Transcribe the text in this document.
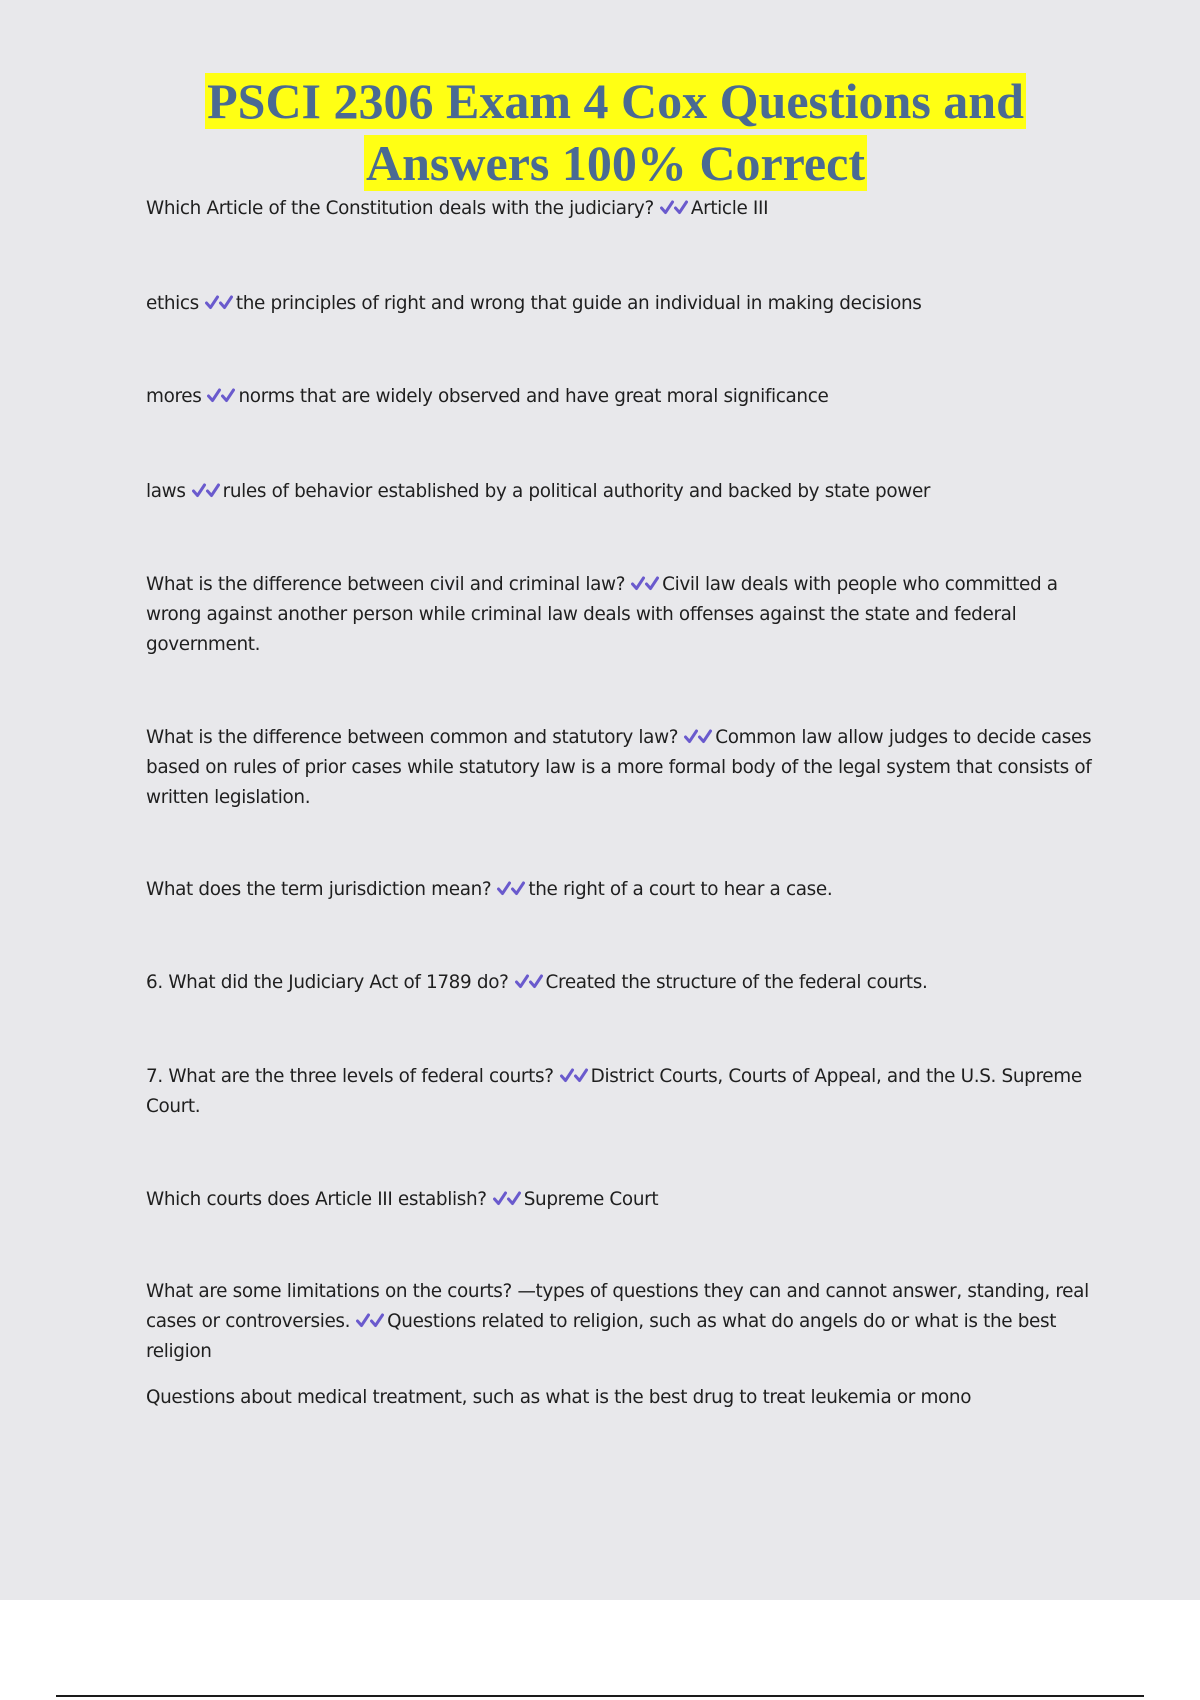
PSCI 2306 Exam 4 Cox Questions and
Answers 100% Correct

Which Article of the Constitution deals with the judiciary? Article III

ethics the principles of right and wrong that guide an individual in making decisions

mores norms that are widely observed and have great moral significance

laws rules of behavior established by a political authority and backed by state power

What is the difference between civil and criminal law? Civil law deals with people who committed a wrong against another person while criminal law deals with offenses against the state and federal government.

What is the difference between common and statutory law? Common law allow judges to decide cases based on rules of prior cases while statutory law is a more formal body of the legal system that consists of written legislation.

What does the term jurisdiction mean? the right of a court to hear a case.

6. What did the Judiciary Act of 1789 do? Created the structure of the federal courts.

7. What are the three levels of federal courts? District Courts, Courts of Appeal, and the U.S. Supreme Court.

Which courts does Article III establish? Supreme Court

What are some limitations on the courts? —types of questions they can and cannot answer, standing, real cases or controversies. Questions related to religion, such as what do angels do or what is the best religion

Questions about medical treatment, such as what is the best drug to treat leukemia or mono
